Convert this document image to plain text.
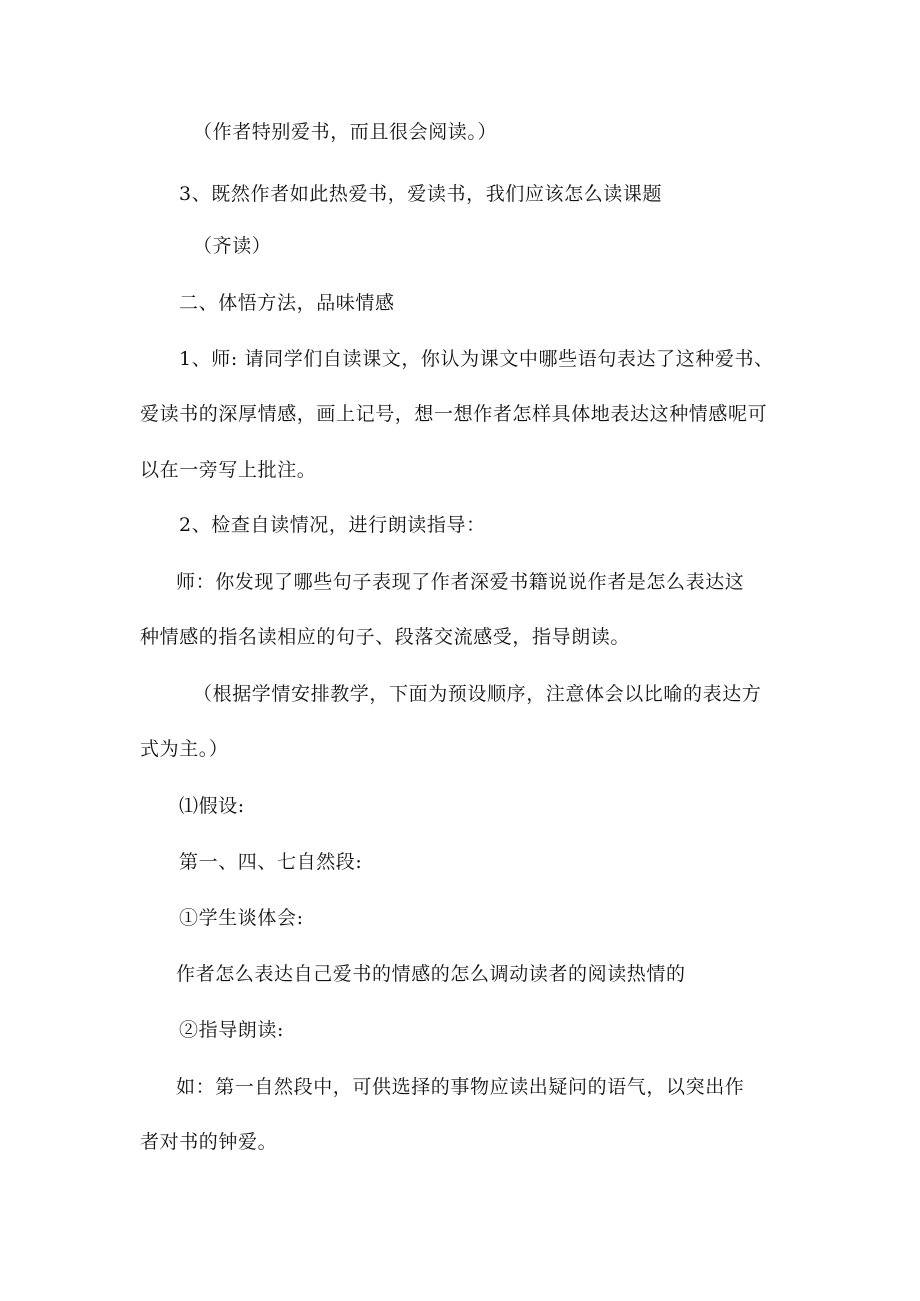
（作者特别爱书，而且很会阅读。）
3、既然作者如此热爱书，爱读书，我们应该怎么读课题
（齐读）
二、体悟方法，品味情感
1、师: 请同学们自读课文，你认为课文中哪些语句表达了这种爱书、
爱读书的深厚情感，画上记号，想一想作者怎样具体地表达这种情感呢可
以在一旁写上批注。
2、检查自读情况，进行朗读指导：
师：你发现了哪些句子表现了作者深爱书籍说说作者是怎么表达这
种情感的指名读相应的句子、段落交流感受，指导朗读。
（根据学情安排教学，下面为预设顺序，注意体会以比喻的表达方
式为主。）
⑴假设:
第一、四、七自然段:
①学生谈体会:
作者怎么表达自己爱书的情感的怎么调动读者的阅读热情的
②指导朗读:
如：第一自然段中，可供选择的事物应读出疑问的语气，以突出作
者对书的钟爱。
